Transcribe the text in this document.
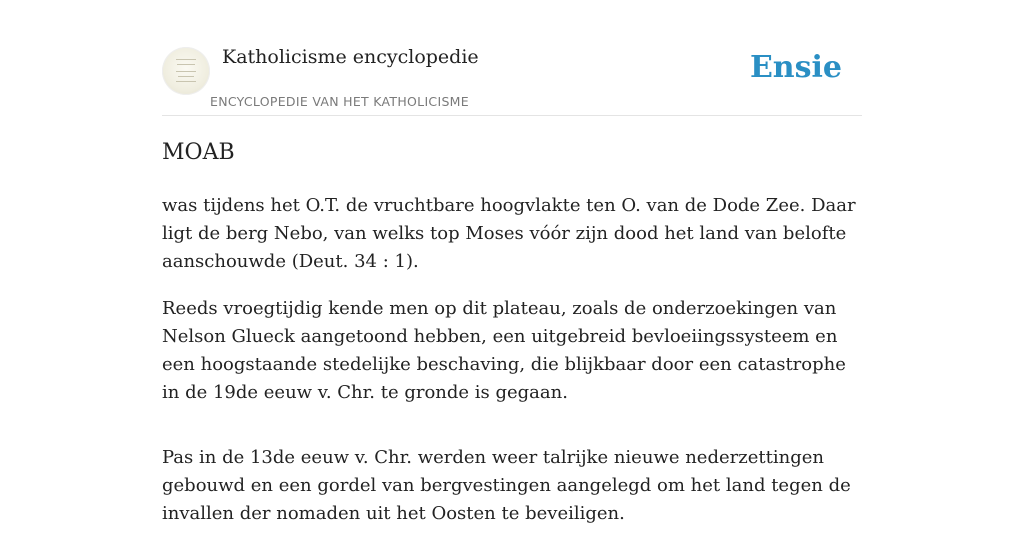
Katholicisme encyclopedie
ENCYCLOPEDIE VAN HET KATHOLICISME
Ensie
MOAB

was tijdens het O.T. de vruchtbare hoogvlakte ten O. van de Dode Zee. Daar ligt de berg Nebo, van welks top Moses vóór zijn dood het land van belofte aanschouwde (Deut. 34 : 1).

Reeds vroegtijdig kende men op dit plateau, zoals de onderzoekingen van Nelson Glueck aangetoond hebben, een uitgebreid bevloeiingssysteem en een hoogstaande stedelijke beschaving, die blijkbaar door een catastrophe in de 19de eeuw v. Chr. te gronde is gegaan.

Pas in de 13de eeuw v. Chr. werden weer talrijke nieuwe nederzettingen gebouwd en een gordel van bergvestingen aangelegd om het land tegen de invallen der nomaden uit het Oosten te beveiligen.
